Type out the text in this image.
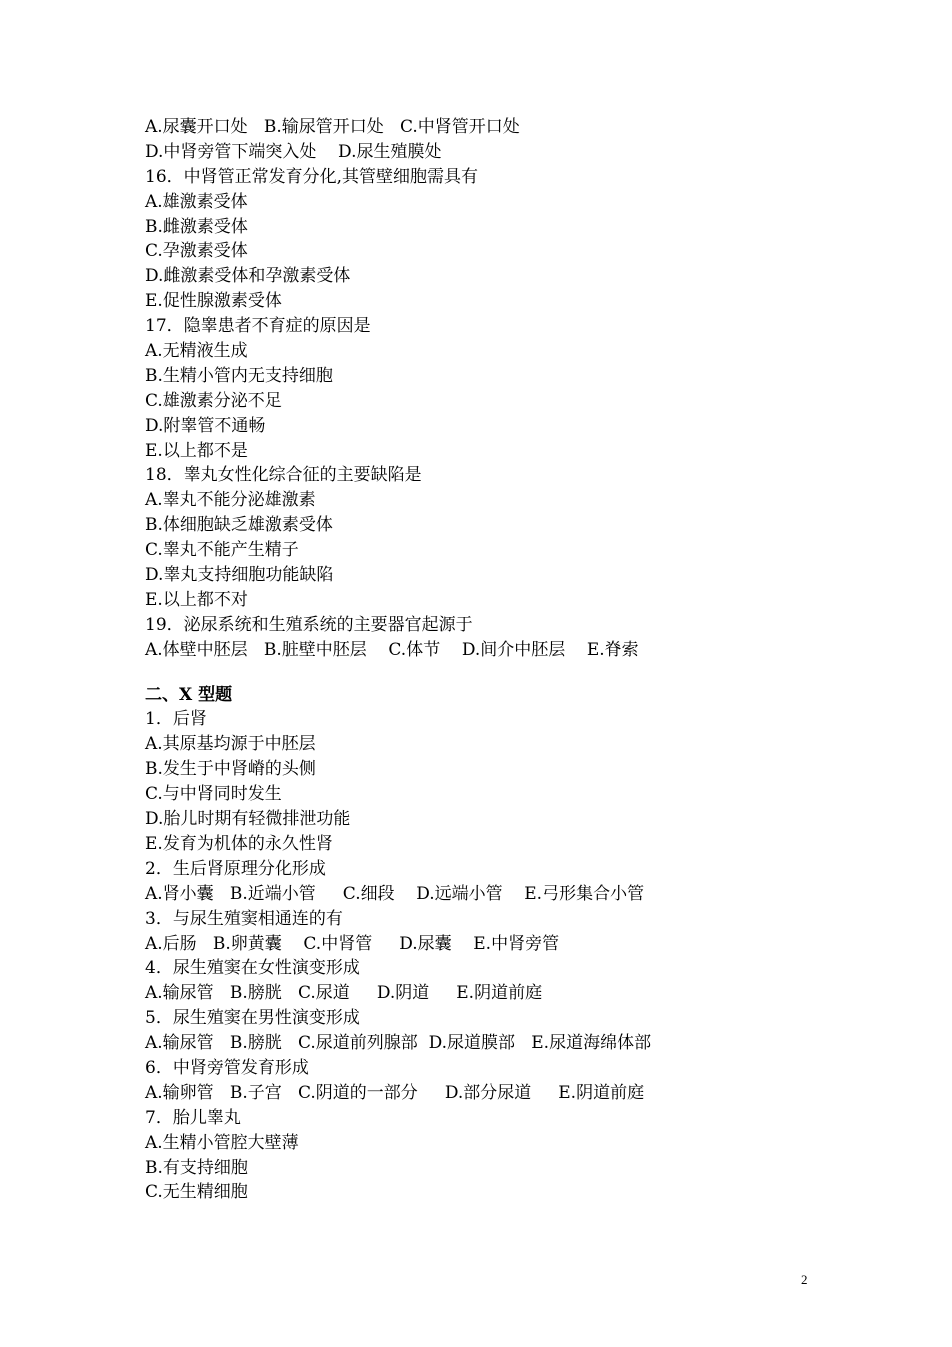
A.尿囊开口处   B.输尿管开口处   C.中肾管开口处
D.中肾旁管下端突入处    D.尿生殖膜处
16．中肾管正常发育分化,其管壁细胞需具有
A.雄激素受体
B.雌激素受体
C.孕激素受体
D.雌激素受体和孕激素受体
E.促性腺激素受体
17．隐睾患者不育症的原因是
A.无精液生成
B.生精小管内无支持细胞
C.雄激素分泌不足
D.附睾管不通畅
E.以上都不是
18．睾丸女性化综合征的主要缺陷是
A.睾丸不能分泌雄激素
B.体细胞缺乏雄激素受体
C.睾丸不能产生精子
D.睾丸支持细胞功能缺陷
E.以上都不对
19．泌尿系统和生殖系统的主要器官起源于
A.体壁中胚层   B.脏壁中胚层    C.体节    D.间介中胚层    E.脊索
二、X 型题
1．后肾
A.其原基均源于中胚层
B.发生于中肾嵴的头侧
C.与中肾同时发生
D.胎儿时期有轻微排泄功能
E.发育为机体的永久性肾
2．生后肾原理分化形成
A.肾小囊   B.近端小管     C.细段    D.远端小管    E.弓形集合小管
3．与尿生殖窦相通连的有
A.后肠   B.卵黄囊    C.中肾管     D.尿囊    E.中肾旁管
4．尿生殖窦在女性演变形成
A.输尿管   B.膀胱   C.尿道     D.阴道     E.阴道前庭
5．尿生殖窦在男性演变形成
A.输尿管   B.膀胱   C.尿道前列腺部  D.尿道膜部   E.尿道海绵体部
6．中肾旁管发育形成
A.输卵管   B.子宫   C.阴道的一部分     D.部分尿道     E.阴道前庭
7．胎儿睾丸
A.生精小管腔大壁薄
B.有支持细胞
C.无生精细胞
2
